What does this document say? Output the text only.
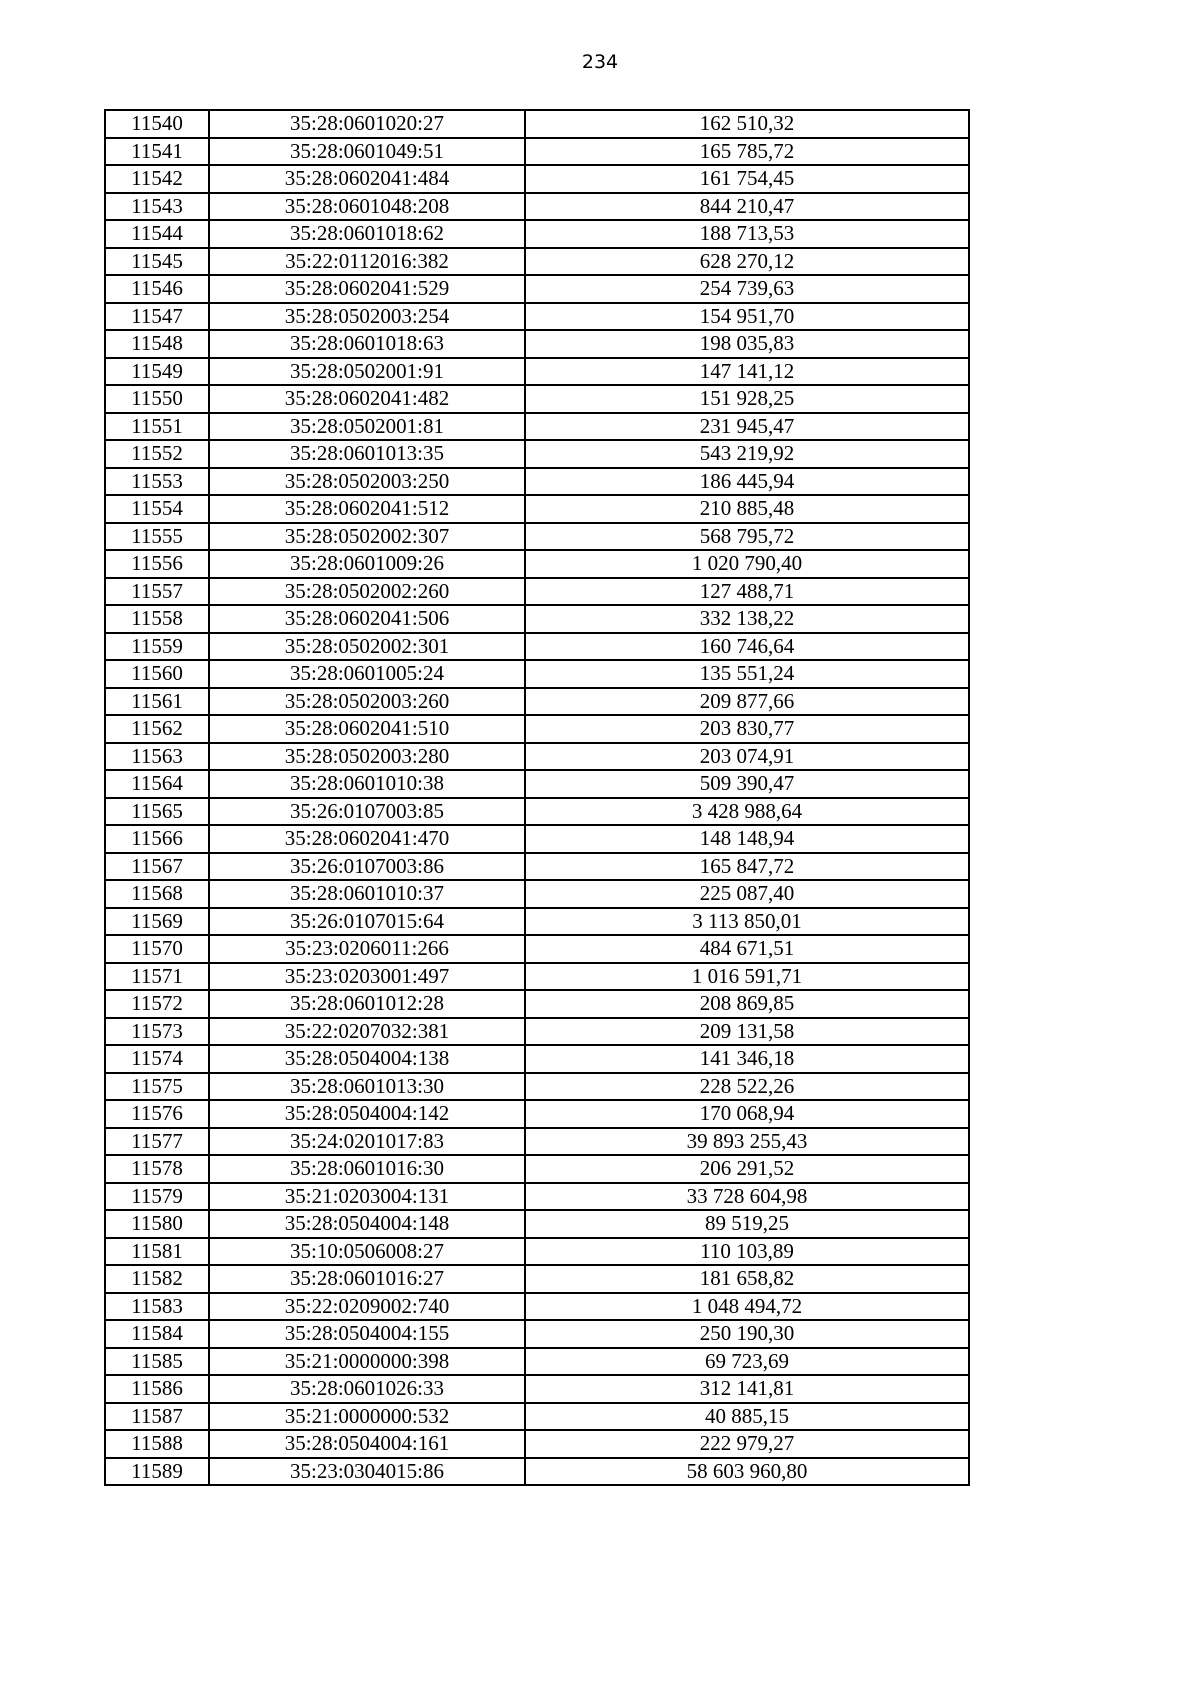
234
11540	35:28:0601020:27	162 510,32
11541	35:28:0601049:51	165 785,72
11542	35:28:0602041:484	161 754,45
11543	35:28:0601048:208	844 210,47
11544	35:28:0601018:62	188 713,53
11545	35:22:0112016:382	628 270,12
11546	35:28:0602041:529	254 739,63
11547	35:28:0502003:254	154 951,70
11548	35:28:0601018:63	198 035,83
11549	35:28:0502001:91	147 141,12
11550	35:28:0602041:482	151 928,25
11551	35:28:0502001:81	231 945,47
11552	35:28:0601013:35	543 219,92
11553	35:28:0502003:250	186 445,94
11554	35:28:0602041:512	210 885,48
11555	35:28:0502002:307	568 795,72
11556	35:28:0601009:26	1 020 790,40
11557	35:28:0502002:260	127 488,71
11558	35:28:0602041:506	332 138,22
11559	35:28:0502002:301	160 746,64
11560	35:28:0601005:24	135 551,24
11561	35:28:0502003:260	209 877,66
11562	35:28:0602041:510	203 830,77
11563	35:28:0502003:280	203 074,91
11564	35:28:0601010:38	509 390,47
11565	35:26:0107003:85	3 428 988,64
11566	35:28:0602041:470	148 148,94
11567	35:26:0107003:86	165 847,72
11568	35:28:0601010:37	225 087,40
11569	35:26:0107015:64	3 113 850,01
11570	35:23:0206011:266	484 671,51
11571	35:23:0203001:497	1 016 591,71
11572	35:28:0601012:28	208 869,85
11573	35:22:0207032:381	209 131,58
11574	35:28:0504004:138	141 346,18
11575	35:28:0601013:30	228 522,26
11576	35:28:0504004:142	170 068,94
11577	35:24:0201017:83	39 893 255,43
11578	35:28:0601016:30	206 291,52
11579	35:21:0203004:131	33 728 604,98
11580	35:28:0504004:148	89 519,25
11581	35:10:0506008:27	110 103,89
11582	35:28:0601016:27	181 658,82
11583	35:22:0209002:740	1 048 494,72
11584	35:28:0504004:155	250 190,30
11585	35:21:0000000:398	69 723,69
11586	35:28:0601026:33	312 141,81
11587	35:21:0000000:532	40 885,15
11588	35:28:0504004:161	222 979,27
11589	35:23:0304015:86	58 603 960,80
